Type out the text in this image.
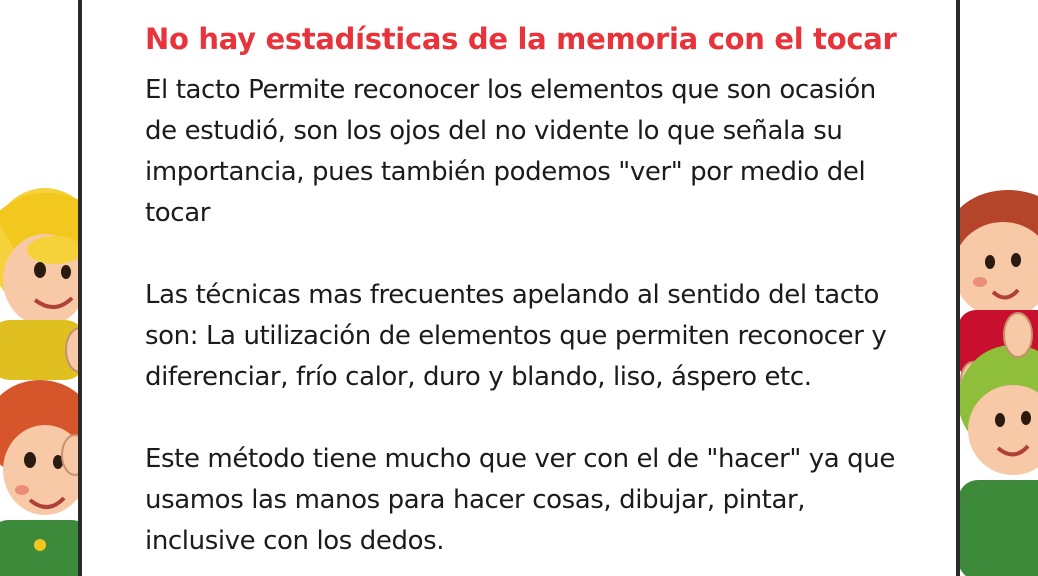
No hay estadísticas de la memoria con el tocar

El tacto Permite reconocer los elementos que son ocasión de estudió, son los ojos del no vidente lo que señala su importancia, pues también podemos "ver" por medio del tocar

Las técnicas mas frecuentes apelando al sentido del tacto son: La utilización de elementos que permiten reconocer y diferenciar, frío calor, duro y blando, liso, áspero etc.

Este método tiene mucho que ver con el de "hacer" ya que usamos las manos para hacer cosas, dibujar, pintar, inclusive con los dedos.
